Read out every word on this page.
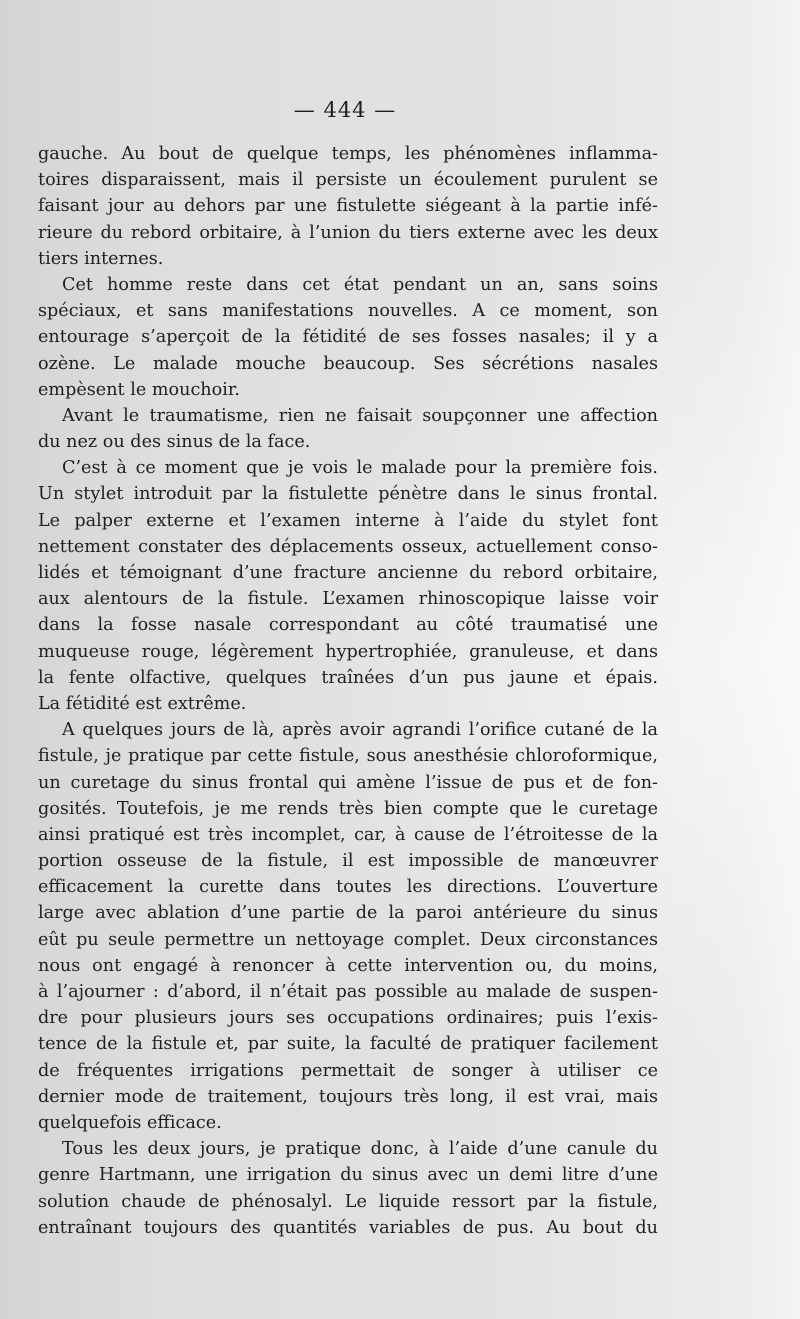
— 444 —
gauche. Au bout de quelque temps, les phénomènes inflamma-
toires disparaissent, mais il persiste un écoulement purulent se
faisant jour au dehors par une fistulette siégeant à la partie infé-
rieure du rebord orbitaire, à l’union du tiers externe avec les deux
tiers internes.
Cet homme reste dans cet état pendant un an, sans soins
spéciaux, et sans manifestations nouvelles. A ce moment, son
entourage s’aperçoit de la fétidité de ses fosses nasales; il y a
ozène. Le malade mouche beaucoup. Ses sécrétions nasales
empèsent le mouchoir.
Avant le traumatisme, rien ne faisait soupçonner une affection
du nez ou des sinus de la face.
C’est à ce moment que je vois le malade pour la première fois.
Un stylet introduit par la fistulette pénètre dans le sinus frontal.
Le palper externe et l’examen interne à l’aide du stylet font
nettement constater des déplacements osseux, actuellement conso-
lidés et témoignant d’une fracture ancienne du rebord orbitaire,
aux alentours de la fistule. L’examen rhinoscopique laisse voir
dans la fosse nasale correspondant au côté traumatisé une
muqueuse rouge, légèrement hypertrophiée, granuleuse, et dans
la fente olfactive, quelques traînées d’un pus jaune et épais.
La fétidité est extrême.
A quelques jours de là, après avoir agrandi l’orifice cutané de la
fistule, je pratique par cette fistule, sous anesthésie chloroformique,
un curetage du sinus frontal qui amène l’issue de pus et de fon-
gosités. Toutefois, je me rends très bien compte que le curetage
ainsi pratiqué est très incomplet, car, à cause de l’étroitesse de la
portion osseuse de la fistule, il est impossible de manœuvrer
efficacement la curette dans toutes les directions. L’ouverture
large avec ablation d’une partie de la paroi antérieure du sinus
eût pu seule permettre un nettoyage complet. Deux circonstances
nous ont engagé à renoncer à cette intervention ou, du moins,
à l’ajourner : d’abord, il n’était pas possible au malade de suspen-
dre pour plusieurs jours ses occupations ordinaires; puis l’exis-
tence de la fistule et, par suite, la faculté de pratiquer facilement
de fréquentes irrigations permettait de songer à utiliser ce
dernier mode de traitement, toujours très long, il est vrai, mais
quelquefois efficace.
Tous les deux jours, je pratique donc, à l’aide d’une canule du
genre Hartmann, une irrigation du sinus avec un demi litre d’une
solution chaude de phénosalyl. Le liquide ressort par la fistule,
entraînant toujours des quantités variables de pus. Au bout du
